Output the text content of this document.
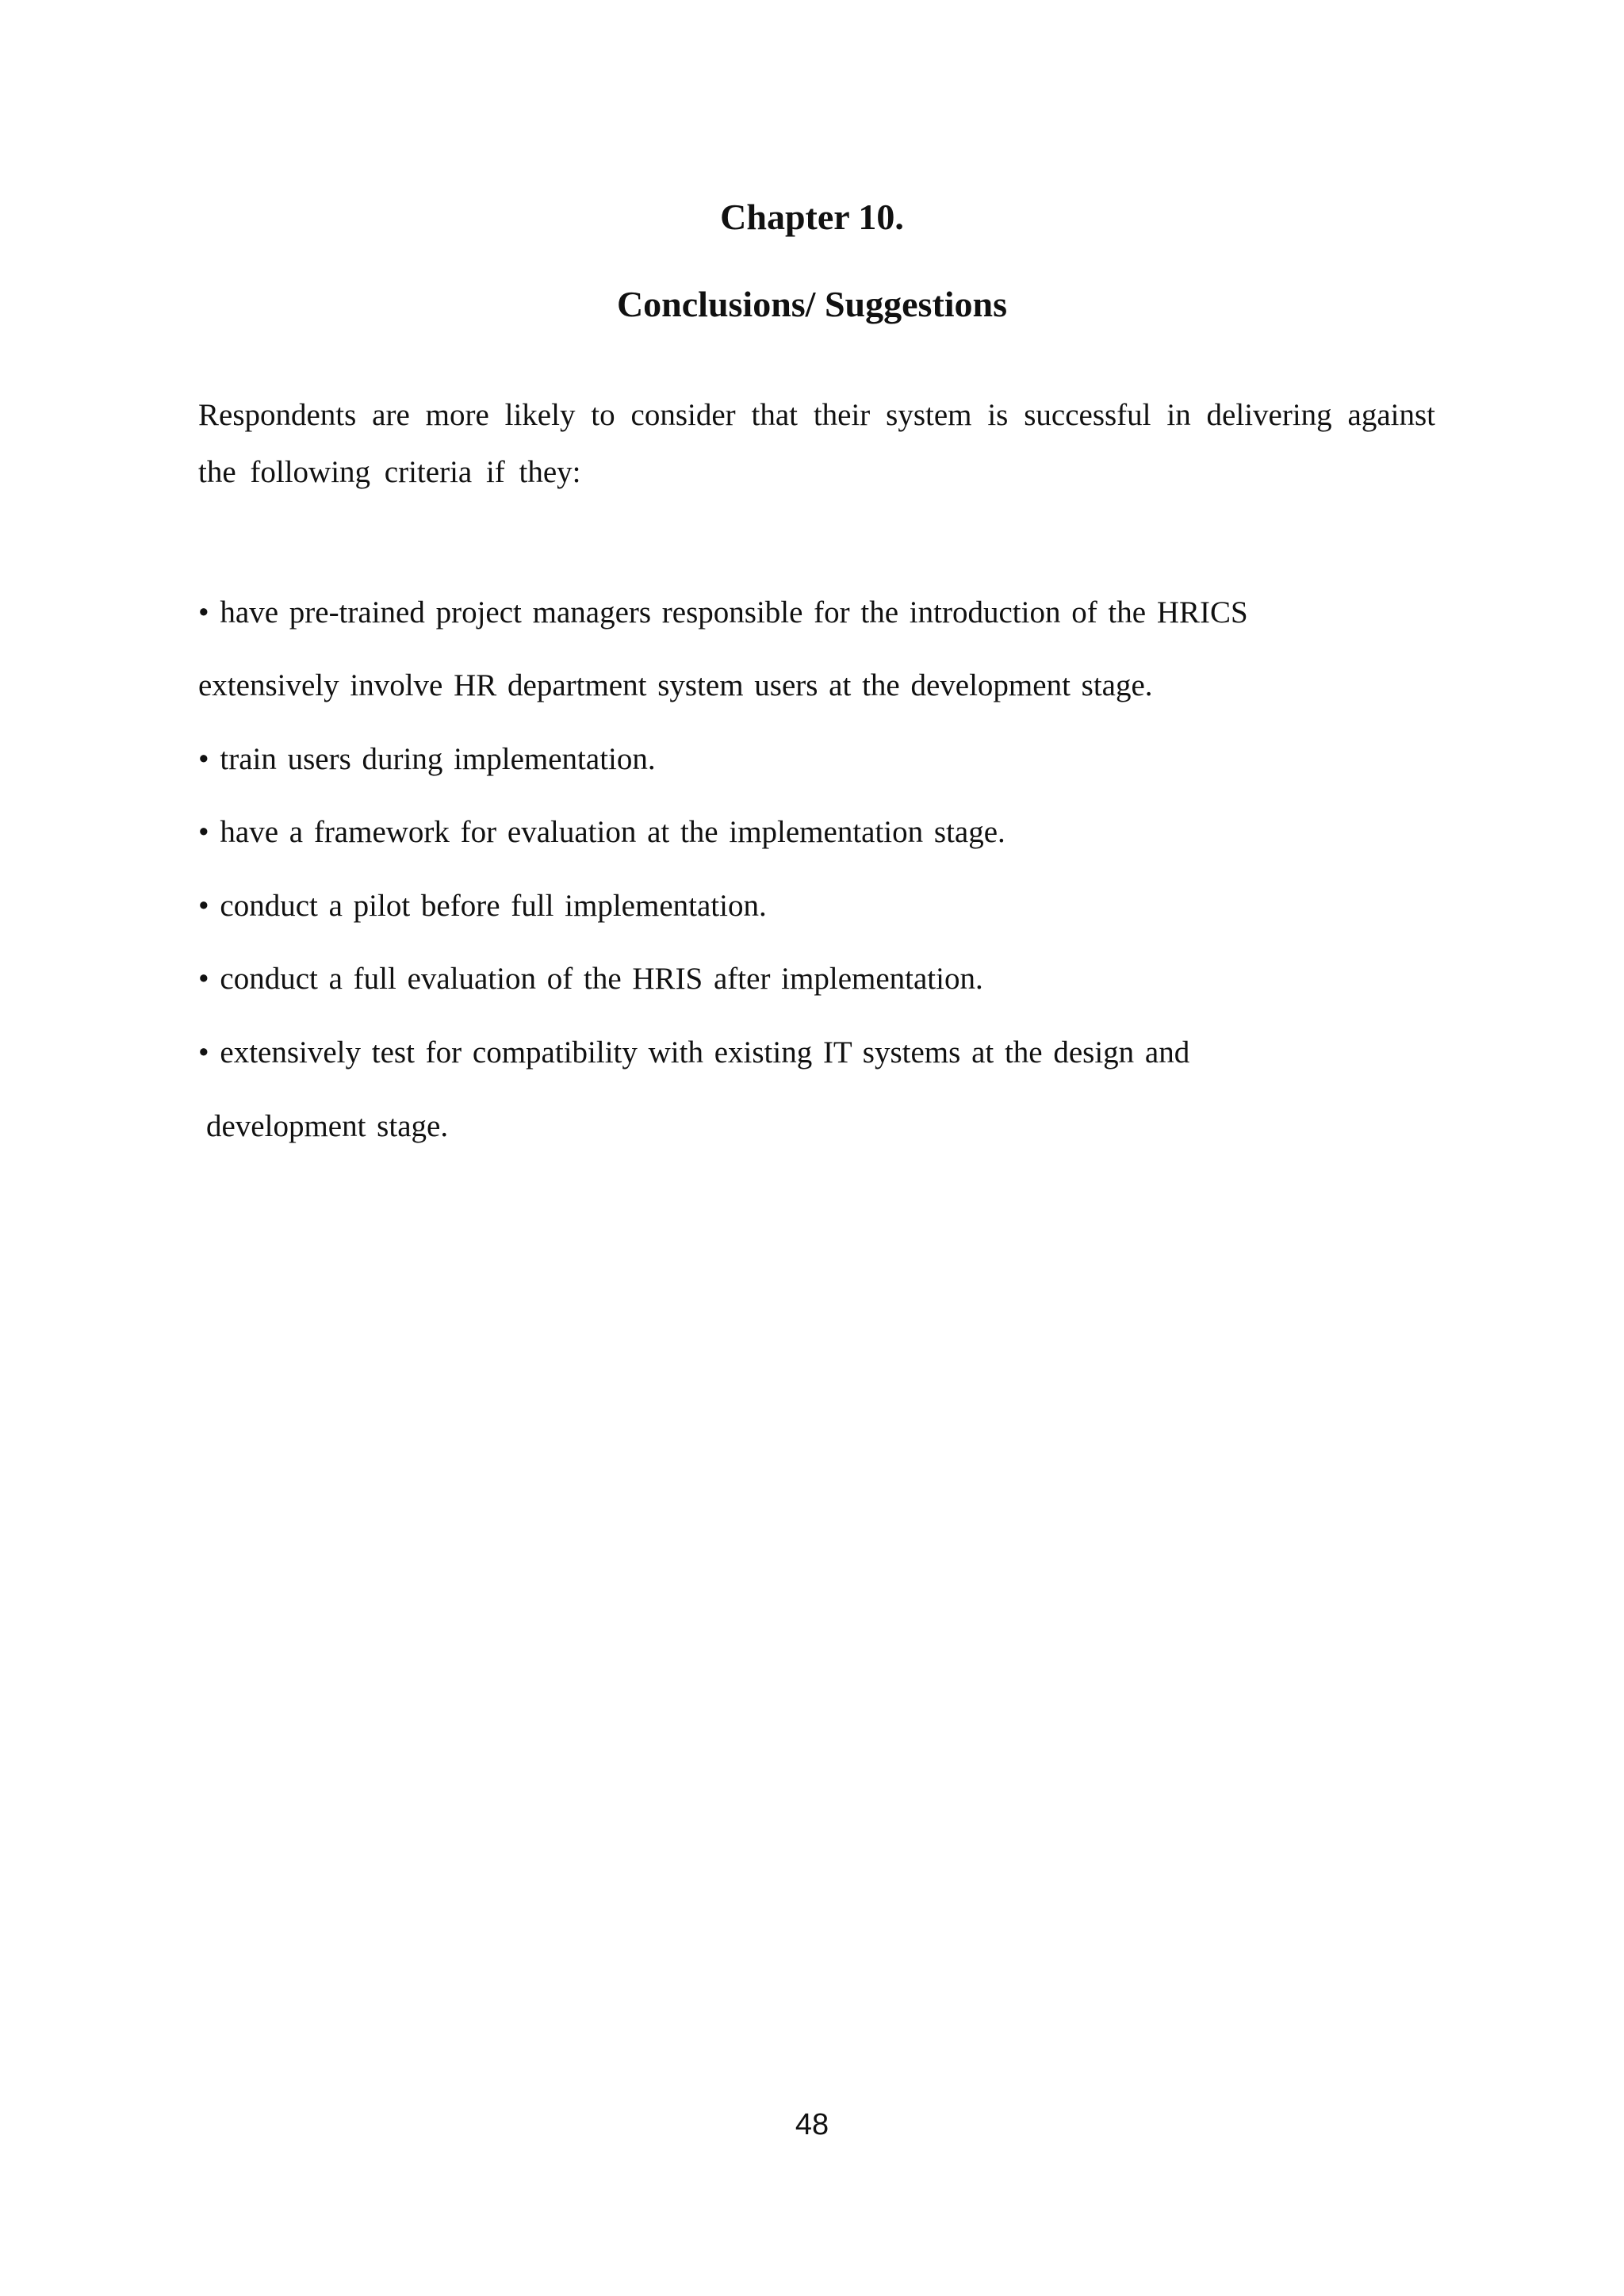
Chapter 10.
Conclusions/ Suggestions

Respondents are more likely to consider that their system is successful in delivering against the following criteria if they:

• have pre-trained project managers responsible for the introduction of the HRICS

extensively involve HR department system users at the development stage.

• train users during implementation.

• have a framework for evaluation at the implementation stage.

• conduct a pilot before full implementation.

• conduct a full evaluation of the HRIS after implementation.

• extensively test for compatibility with existing IT systems at the design and

development stage.

48
